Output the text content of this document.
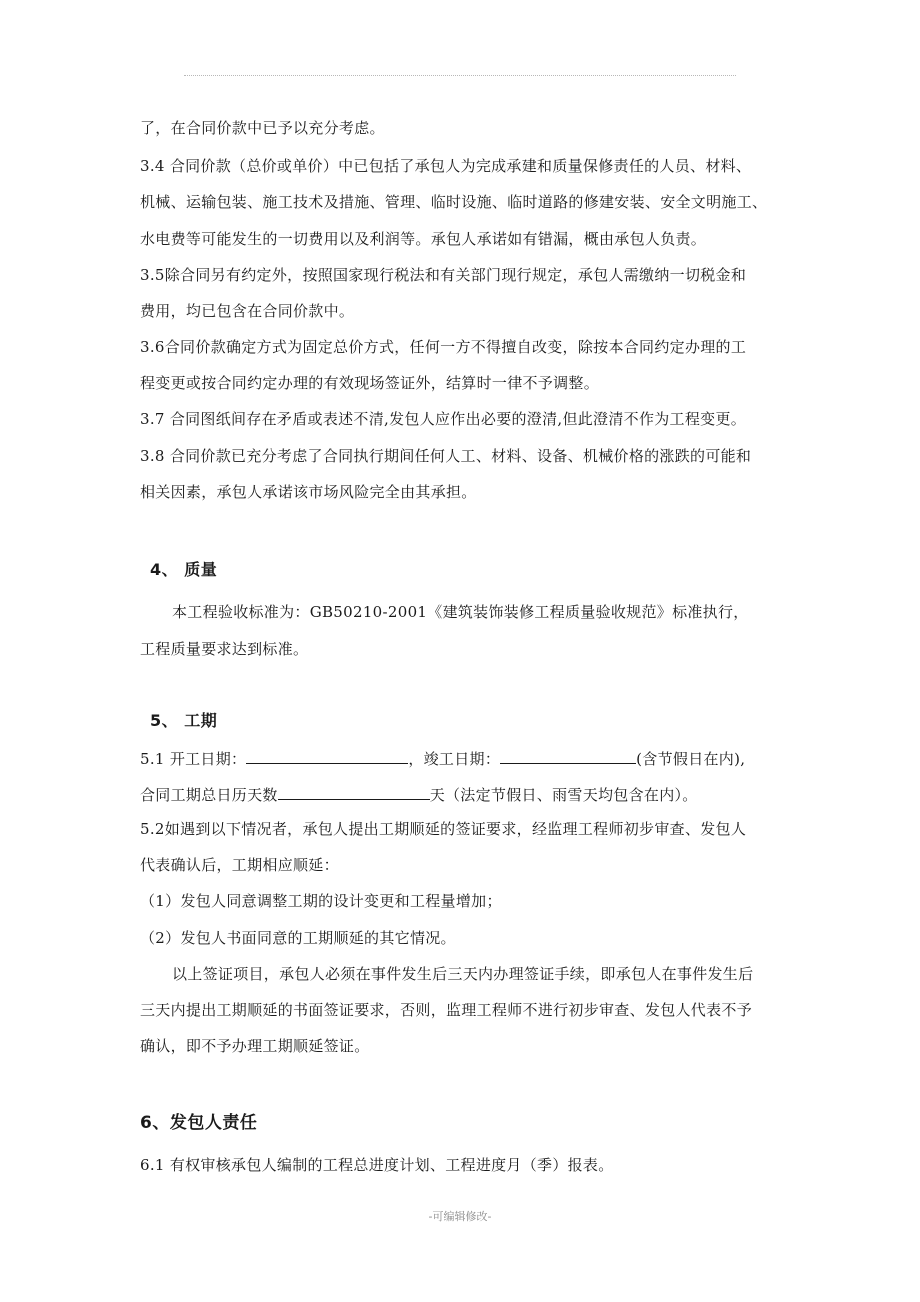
了，在合同价款中已予以充分考虑。
3.4 合同价款（总价或单价）中已包括了承包人为完成承建和质量保修责任的人员、材料、
机械、运输包装、施工技术及措施、管理、临时设施、临时道路的修建安装、安全文明施工、
水电费等可能发生的一切费用以及利润等。承包人承诺如有错漏，概由承包人负责。
3.5除合同另有约定外，按照国家现行税法和有关部门现行规定，承包人需缴纳一切税金和
费用，均已包含在合同价款中。
3.6合同价款确定方式为固定总价方式，任何一方不得擅自改变，除按本合同约定办理的工
程变更或按合同约定办理的有效现场签证外，结算时一律不予调整。
3.7 合同图纸间存在矛盾或表述不清,发包人应作出必要的澄清,但此澄清不作为工程变更。
3.8 合同价款已充分考虑了合同执行期间任何人工、材料、设备、机械价格的涨跌的可能和
相关因素，承包人承诺该市场风险完全由其承担。
4、 质量
本工程验收标准为：GB50210-2001《建筑装饰装修工程质量验收规范》标准执行，
工程质量要求达到标准。
5、 工期
5.1 开工日期：	，竣工日期：	(含节假日在内),
合同工期总日历天数	天（法定节假日、雨雪天均包含在内）。
5.2如遇到以下情况者，承包人提出工期顺延的签证要求，经监理工程师初步审查、发包人
代表确认后，工期相应顺延：
（1）发包人同意调整工期的设计变更和工程量增加；
（2）发包人书面同意的工期顺延的其它情况。
以上签证项目，承包人必须在事件发生后三天内办理签证手续，即承包人在事件发生后
三天内提出工期顺延的书面签证要求，否则，监理工程师不进行初步审查、发包人代表不予
确认，即不予办理工期顺延签证。
6、发包人责任
6.1 有权审核承包人编制的工程总进度计划、工程进度月（季）报表。
-可编辑修改-
